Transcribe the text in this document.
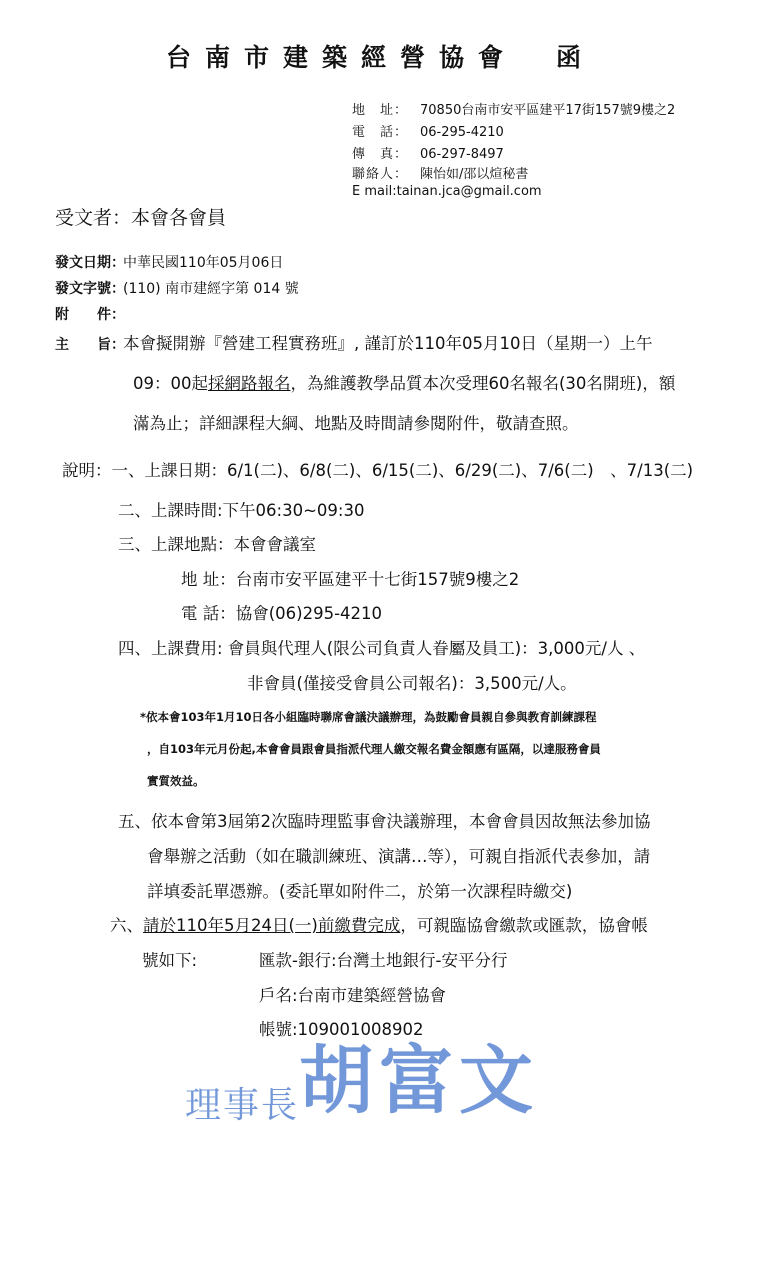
台南市建築經營協會　函
地　址： 70850台南市安平區建平17街157號9樓之2
電　話： 06-295-4210
傳　真： 06-297-8497
聯絡人： 陳怡如/邵以煊秘書
E mail:tainan.jca@gmail.com
受文者：本會各會員
發文日期：中華民國110年05月06日
發文字號：(110) 南市建經字第 014 號
附　　件：
主　　旨：本會擬開辦『營建工程實務班』, 謹訂於110年05月10日（星期一）上午
09：00起採網路報名，為維護教學品質本次受理60名報名(30名開班)，額
滿為止；詳細課程大綱、地點及時間請參閱附件，敬請查照。
說明：一、上課日期：6/1(二)、6/8(二)、6/15(二)、6/29(二)、7/6(二)　、7/13(二)
二、上課時間:下午06:30~09:30
三、上課地點：本會會議室
地 址：台南市安平區建平十七街157號9樓之2
電 話：協會(06)295-4210
四、上課費用: 會員與代理人(限公司負責人眷屬及員工)：3,000元/人 、
非會員(僅接受會員公司報名)：3,500元/人。
*依本會103年1月10日各小組臨時聯席會議決議辦理，為鼓勵會員親自參與教育訓練課程
，自103年元月份起,本會會員跟會員指派代理人繳交報名費金額應有區隔，以達服務會員
實質效益。
五、依本會第3屆第2次臨時理監事會決議辦理，本會會員因故無法參加協
會舉辦之活動（如在職訓練班、演講…等），可親自指派代表參加，請
詳填委託單憑辦。(委託單如附件二，於第一次課程時繳交)
六、請於110年5月24日(一)前繳費完成，可親臨協會繳款或匯款，協會帳
號如下:	匯款-銀行:台灣土地銀行-安平分行
戶名:台南市建築經營協會
帳號:109001008902
理事長胡富文
